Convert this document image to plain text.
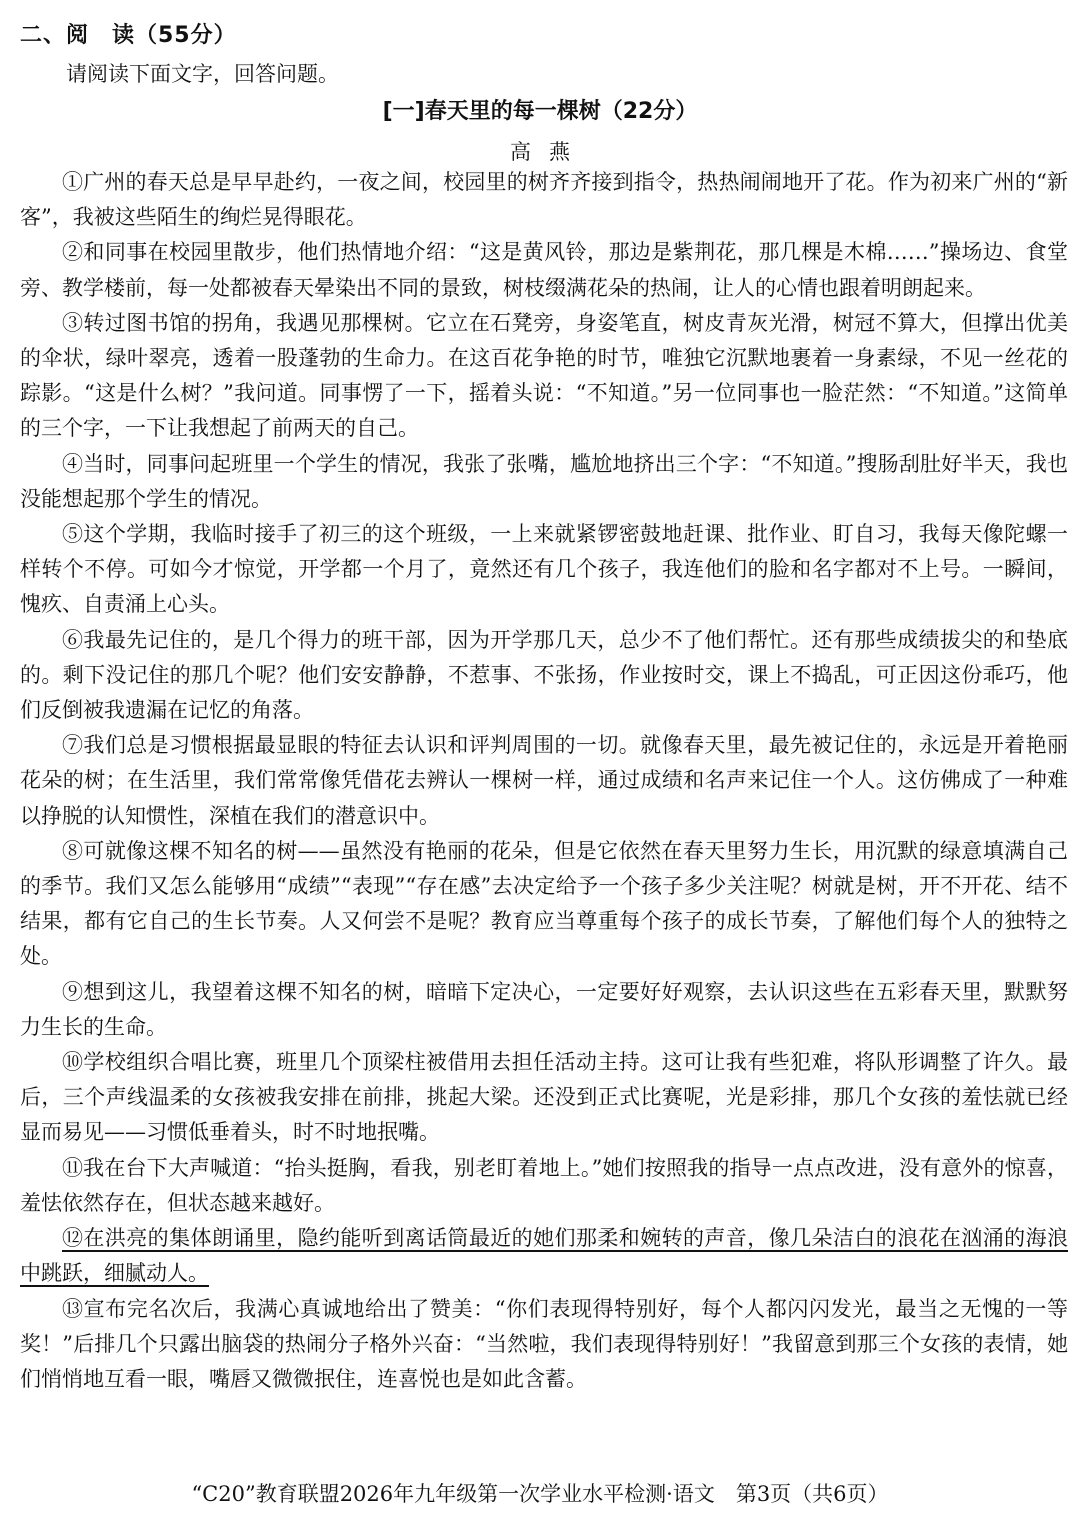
二、阅　读（55分）
请阅读下面文字，回答问题。
[一]春天里的每一棵树（22分）
高燕

①广州的春天总是早早赴约，一夜之间，校园里的树齐齐接到指令，热热闹闹地开了花。作为初来广州的“新客”，我被这些陌生的绚烂晃得眼花。

②和同事在校园里散步，他们热情地介绍：“这是黄风铃，那边是紫荆花，那几棵是木棉……”操场边、食堂旁、教学楼前，每一处都被春天晕染出不同的景致，树枝缀满花朵的热闹，让人的心情也跟着明朗起来。

③转过图书馆的拐角，我遇见那棵树。它立在石凳旁，身姿笔直，树皮青灰光滑，树冠不算大，但撑出优美的伞状，绿叶翠亮，透着一股蓬勃的生命力。在这百花争艳的时节，唯独它沉默地裹着一身素绿，不见一丝花的踪影。“这是什么树？”我问道。同事愣了一下，摇着头说：“不知道。”另一位同事也一脸茫然：“不知道。”这简单的三个字，一下让我想起了前两天的自己。

④当时，同事问起班里一个学生的情况，我张了张嘴，尴尬地挤出三个字：“不知道。”搜肠刮肚好半天，我也没能想起那个学生的情况。

⑤这个学期，我临时接手了初三的这个班级，一上来就紧锣密鼓地赶课、批作业、盯自习，我每天像陀螺一样转个不停。可如今才惊觉，开学都一个月了，竟然还有几个孩子，我连他们的脸和名字都对不上号。一瞬间，愧疚、自责涌上心头。

⑥我最先记住的，是几个得力的班干部，因为开学那几天，总少不了他们帮忙。还有那些成绩拔尖的和垫底的。剩下没记住的那几个呢？他们安安静静，不惹事、不张扬，作业按时交，课上不捣乱，可正因这份乖巧，他们反倒被我遗漏在记忆的角落。

⑦我们总是习惯根据最显眼的特征去认识和评判周围的一切。就像春天里，最先被记住的，永远是开着艳丽花朵的树；在生活里，我们常常像凭借花去辨认一棵树一样，通过成绩和名声来记住一个人。这仿佛成了一种难以挣脱的认知惯性，深植在我们的潜意识中。

⑧可就像这棵不知名的树——虽然没有艳丽的花朵，但是它依然在春天里努力生长，用沉默的绿意填满自己的季节。我们又怎么能够用“成绩”“表现”“存在感”去决定给予一个孩子多少关注呢？树就是树，开不开花、结不结果，都有它自己的生长节奏。人又何尝不是呢？教育应当尊重每个孩子的成长节奏，了解他们每个人的独特之处。

⑨想到这儿，我望着这棵不知名的树，暗暗下定决心，一定要好好观察，去认识这些在五彩春天里，默默努力生长的生命。

⑩学校组织合唱比赛，班里几个顶梁柱被借用去担任活动主持。这可让我有些犯难，将队形调整了许久。最后，三个声线温柔的女孩被我安排在前排，挑起大梁。还没到正式比赛呢，光是彩排，那几个女孩的羞怯就已经显而易见——习惯低垂着头，时不时地抿嘴。

⑪我在台下大声喊道：“抬头挺胸，看我，别老盯着地上。”她们按照我的指导一点点改进，没有意外的惊喜，羞怯依然存在，但状态越来越好。

⑫在洪亮的集体朗诵里，隐约能听到离话筒最近的她们那柔和婉转的声音，像几朵洁白的浪花在汹涌的海浪中跳跃，细腻动人。

⑬宣布完名次后，我满心真诚地给出了赞美：“你们表现得特别好，每个人都闪闪发光，最当之无愧的一等奖！”后排几个只露出脑袋的热闹分子格外兴奋：“当然啦，我们表现得特别好！”我留意到那三个女孩的表情，她们悄悄地互看一眼，嘴唇又微微抿住，连喜悦也是如此含蓄。

“C20”教育联盟2026年九年级第一次学业水平检测·语文　第3页（共6页）
